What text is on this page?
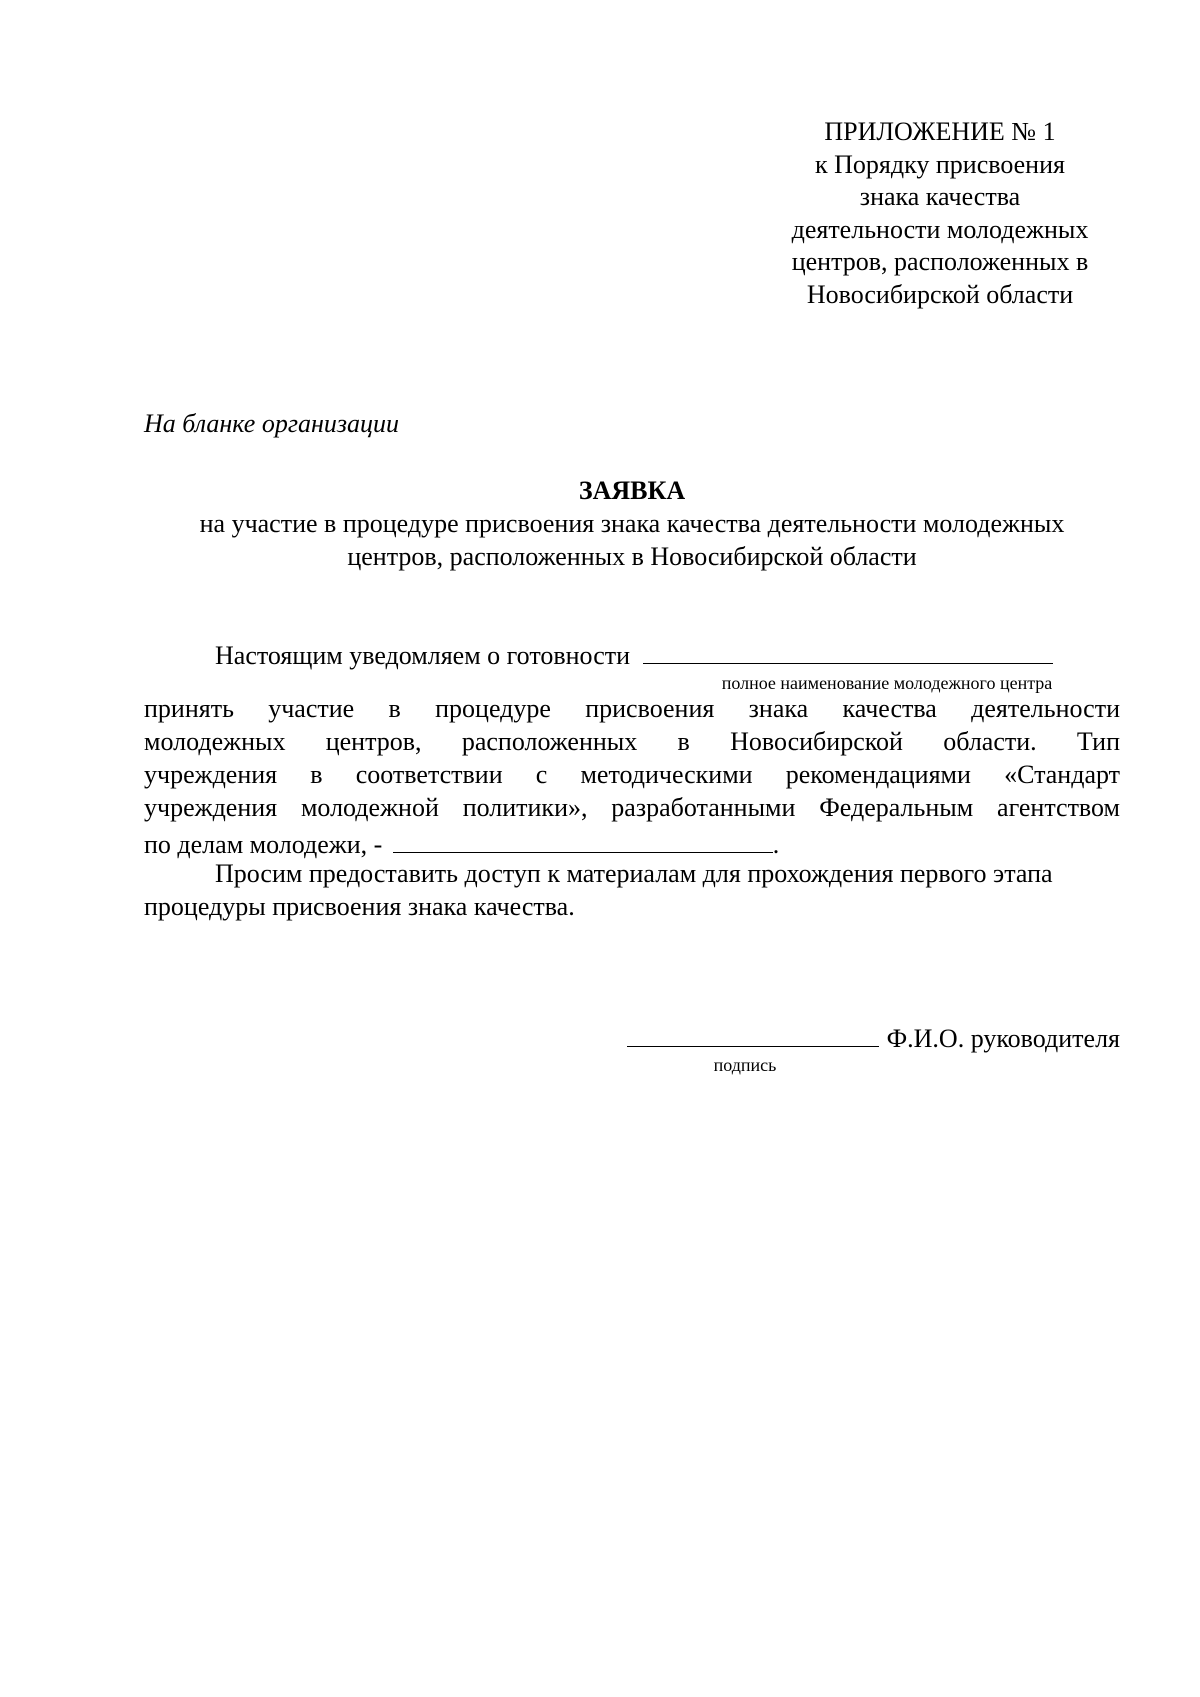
ПРИЛОЖЕНИЕ № 1
к Порядку присвоения
знака качества
деятельности молодежных
центров, расположенных в
Новосибирской области
На бланке организации
ЗАЯВКА
на участие в процедуре присвоения знака качества деятельности молодежных
центров, расположенных в Новосибирской области
Настоящим уведомляем о готовности
полное наименование молодежного центра
принять участие в процедуре присвоения знака качества деятельности
молодежных центров, расположенных в Новосибирской области. Тип
учреждения в соответствии с методическими рекомендациями «Стандарт
учреждения молодежной политики», разработанными Федеральным агентством
по делам молодежи, -	.
Просим предоставить доступ к материалам для прохождения первого этапа
процедуры присвоения знака качества.
Ф.И.О. руководителя
подпись
